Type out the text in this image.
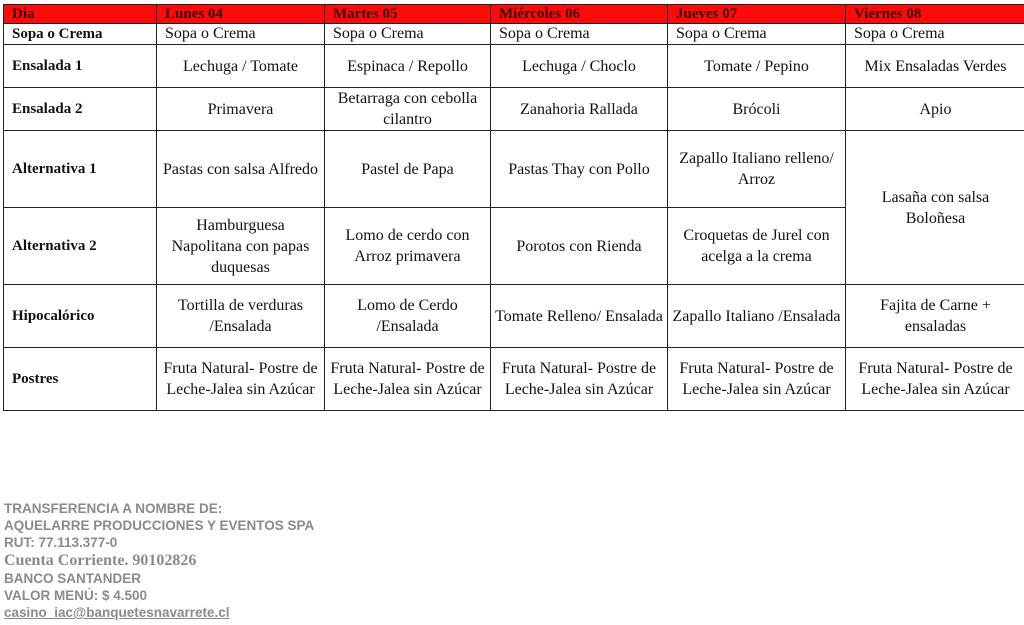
Dia	Lunes 04	Martes 05	Miércoles 06	Jueves 07	Viernes 08
Sopa o Crema	Sopa o Crema	Sopa o Crema	Sopa o Crema	Sopa o Crema	Sopa o Crema
Ensalada 1	Lechuga / Tomate	Espinaca / Repollo	Lechuga / Choclo	Tomate / Pepino	Mix Ensaladas Verdes
Ensalada 2	Primavera	Betarraga con cebolla cilantro	Zanahoria Rallada	Brócoli	Apio
Alternativa 1	Pastas con salsa Alfredo	Pastel de Papa	Pastas Thay con Pollo	Zapallo Italiano relleno/ Arroz	Lasaña con salsa Boloñesa
Alternativa 2	Hamburguesa Napolitana con papas duquesas	Lomo de cerdo con Arroz primavera	Porotos con Rienda	Croquetas de Jurel con acelga a la crema	
Hipocalórico	Tortilla de verduras /Ensalada	Lomo de Cerdo /Ensalada	Tomate Relleno/ Ensalada	Zapallo Italiano /Ensalada	Fajita de Carne + ensaladas
Postres	Fruta Natural- Postre de Leche-Jalea sin Azúcar	Fruta Natural- Postre de Leche-Jalea sin Azúcar	Fruta Natural- Postre de Leche-Jalea sin Azúcar	Fruta Natural- Postre de Leche-Jalea sin Azúcar	Fruta Natural- Postre de Leche-Jalea sin Azúcar
TRANSFERENCIA A NOMBRE DE:
AQUELARRE PRODUCCIONES Y EVENTOS SPA
RUT: 77.113.377-0
Cuenta Corriente. 90102826
BANCO SANTANDER
VALOR MENÚ: $ 4.500
casino_iac@banquetesnavarrete.cl
